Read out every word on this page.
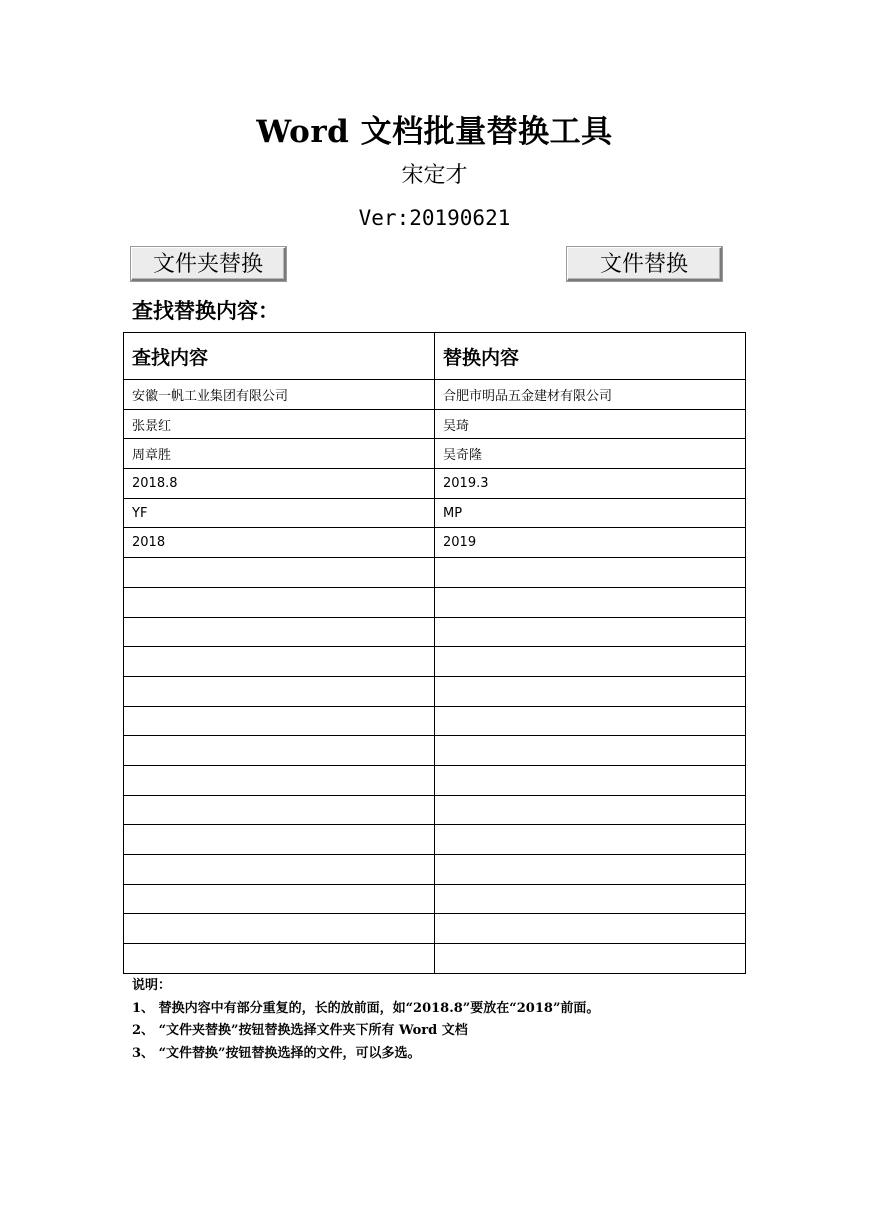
Word 文档批量替换工具
宋定才
Ver:20190621
文件夹替换	文件替换
查找替换内容：
查找内容	替换内容
安徽一帆工业集团有限公司	合肥市明品五金建材有限公司
张景红	吴琦
周章胜	吴奇隆
2018.8	2019.3
YF	MP
2018	2019

说明：
1、 替换内容中有部分重复的，长的放前面，如“2018.8”要放在“2018”前面。
2、 “文件夹替换”按钮替换选择文件夹下所有 Word 文档
3、 “文件替换”按钮替换选择的文件，可以多选。
